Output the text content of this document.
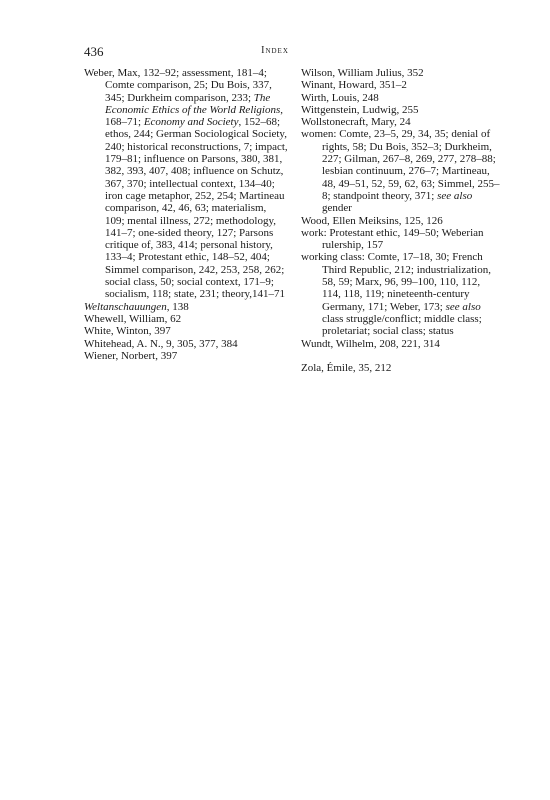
436	Index
Weber, Max, 132–92; assessment, 181–4; Comte comparison, 25; Du Bois, 337, 345; Durkheim comparison, 233; The Economic Ethics of the World Religions, 168–71; Economy and Society, 152–68; ethos, 244; German Sociological Society, 240; historical reconstructions, 7; impact, 179–81; influence on Parsons, 380, 381, 382, 393, 407, 408; influence on Schutz, 367, 370; intellectual context, 134–40; iron cage metaphor, 252, 254; Martineau comparison, 42, 46, 63; materialism, 109; mental illness, 272; methodology, 141–7; one-sided theory, 127; Parsons critique of, 383, 414; personal history, 133–4; Protestant ethic, 148–52, 404; Simmel comparison, 242, 253, 258, 262; social class, 50; social context, 171–9; socialism, 118; state, 231; theory,141–71
Weltanschauungen, 138
Whewell, William, 62
White, Winton, 397
Whitehead, A. N., 9, 305, 377, 384
Wiener, Norbert, 397
Wilson, William Julius, 352
Winant, Howard, 351–2
Wirth, Louis, 248
Wittgenstein, Ludwig, 255
Wollstonecraft, Mary, 24
women: Comte, 23–5, 29, 34, 35; denial of rights, 58; Du Bois, 352–3; Durkheim, 227; Gilman, 267–8, 269, 277, 278–88; lesbian continuum, 276–7; Martineau, 48, 49–51, 52, 59, 62, 63; Simmel, 255–8; standpoint theory, 371; see also gender
Wood, Ellen Meiksins, 125, 126
work: Protestant ethic, 149–50; Weberian rulership, 157
working class: Comte, 17–18, 30; French Third Republic, 212; industrialization, 58, 59; Marx, 96, 99–100, 110, 112, 114, 118, 119; nineteenth-century Germany, 171; Weber, 173; see also class struggle/conflict; middle class; proletariat; social class; status
Wundt, Wilhelm, 208, 221, 314
Zola, Émile, 35, 212
